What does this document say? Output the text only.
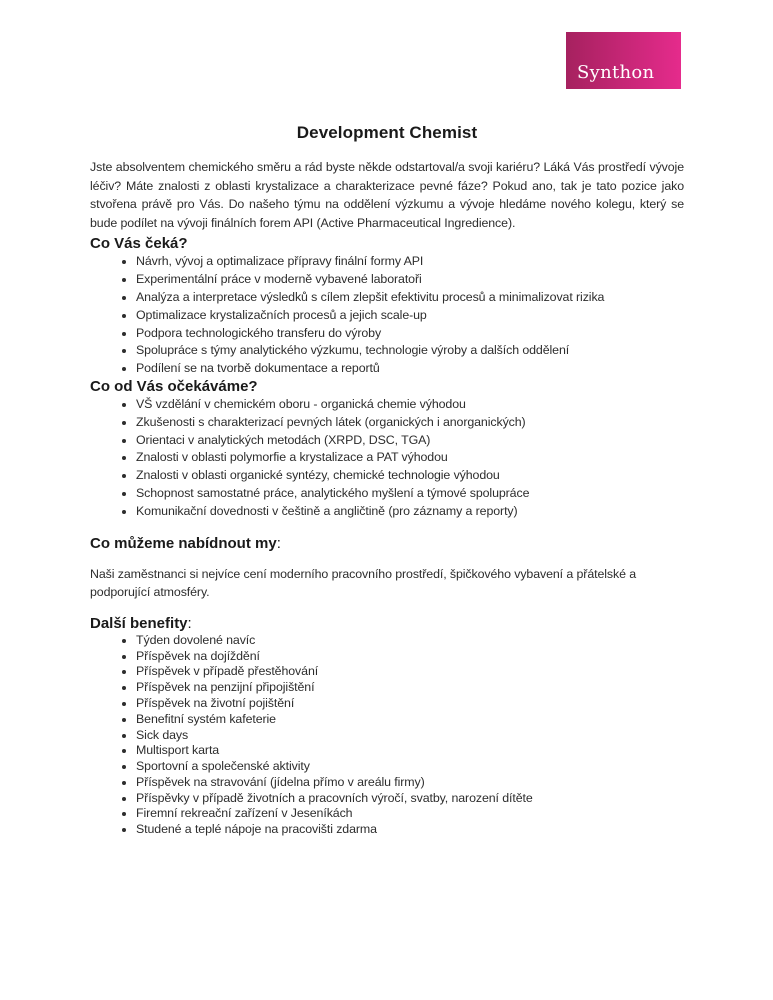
Synthon
Development Chemist

Jste absolventem chemického směru a rád byste někde odstartoval/a svoji kariéru? Láká Vás prostředí vývoje léčiv? Máte znalosti z oblasti krystalizace a charakterizace pevné fáze? Pokud ano, tak je tato pozice jako stvořena právě pro Vás. Do našeho týmu na oddělení výzkumu a vývoje hledáme nového kolegu, který se bude podílet na vývoji finálních forem API (Active Pharmaceutical Ingredience).

Co Vás čeká?
• Návrh, vývoj a optimalizace přípravy finální formy API
• Experimentální práce v moderně vybavené laboratoři
• Analýza a interpretace výsledků s cílem zlepšit efektivitu procesů a minimalizovat rizika
• Optimalizace krystalizačních procesů a jejich scale-up
• Podpora technologického transferu do výroby
• Spolupráce s týmy analytického výzkumu, technologie výroby a dalších oddělení
• Podílení se na tvorbě dokumentace a reportů
Co od Vás očekáváme?
• VŠ vzdělání v chemickém oboru - organická chemie výhodou
• Zkušenosti s charakterizací pevných látek (organických i anorganických)
• Orientaci v analytických metodách (XRPD, DSC, TGA)
• Znalosti v oblasti polymorfie a krystalizace a PAT výhodou
• Znalosti v oblasti organické syntézy, chemické technologie výhodou
• Schopnost samostatné práce, analytického myšlení a týmové spolupráce
• Komunikační dovednosti v češtině a angličtině (pro záznamy a reporty)
Co můžeme nabídnout my:

Naši zaměstnanci si nejvíce cení moderního pracovního prostředí, špičkového vybavení a přátelské a podporující atmosféry.

Další benefity:
• Týden dovolené navíc
• Příspěvek na dojíždění
• Příspěvek v případě přestěhování
• Příspěvek na penzijní připojištění
• Příspěvek na životní pojištění
• Benefitní systém kafeterie
• Sick days
• Multisport karta
• Sportovní a společenské aktivity
• Příspěvek na stravování (jídelna přímo v areálu firmy)
• Příspěvky v případě životních a pracovních výročí, svatby, narození dítěte
• Firemní rekreační zařízení v Jeseníkách
• Studené a teplé nápoje na pracovišti zdarma
